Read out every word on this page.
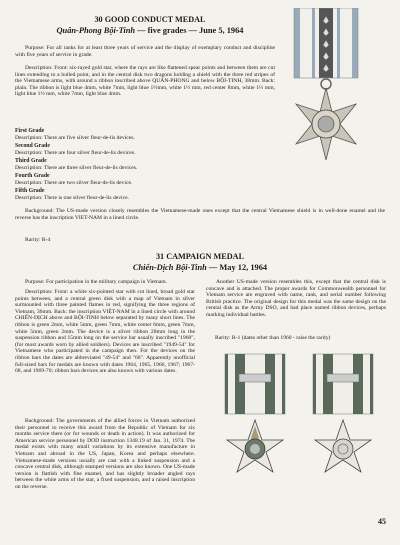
30 GOOD CONDUCT MEDAL
Quân-Phong Bội-Tinh — five grades — June 5, 1964
Purpose: For all ranks for at least three years of service and the display of exemplary conduct and discipline with five years of service in grade.
Description: Front: six-rayed gold star, where the rays are like flattened spear points and between them are cut lines extending to a bulled point, and in the central disk two dragons holding a shield with the three red stripes of the Vietnamese arms, with around a ribbon inscribed above QUÂN-PHONG and below BỘI-TINH, 38mm. Back: plain. The ribbon is light blue 4mm, white 7mm, light blue 1½mm, white 1½ mm, red center 8mm, white 1½ mm, light blue 1½ mm, white 7mm, light blue 4mm.
First Grade
Description: There are five silver fleur-de-lis devices.
Second Grade
Description: There are four silver fleur-de-lis devices.
Third Grade
Description: There are three silver fleur-de-lis devices.
Fourth Grade
Description: There are two silver fleur-de-lis device.
Fifth Grade
Description: There is one silver fleur-de-lis device.
Background: The US-made version closely resembles the Vietnamese-made ones except that the central Vietnamese shield is in well-done enamel and the reverse has the inscription VIET-NAM in a lined circle.
Rarity: R-4
31 CAMPAIGN MEDAL
Chiến-Dịch Bội-Tinh — May 12, 1964
Purpose: For participation in the military campaign in Vietnam.
Description: Front: a white six-pointed star with cut lined, broad gold star points between, and a central green disk with a map of Vietnam in silver surmounted with three painted flames in red, signifying the three regions of Vietnam, 36mm. Back: the inscription VIỆT-NAM in a lined circle with around CHIẾN-DỊCH above and BỘI-TINH below separated by many short lines. The ribbon is green 2mm, white 5mm, green 7mm, white center 6mm, green 7mm, white 5mm, green 2mm. The device is a silver ribbon 28mm long in the suspension ribbon and 15mm long on the service bar usually inscribed "1960", (for most awards worn by allied soldiers). Devices are inscribed "1949-54" for Vietnamese who participated in the campaign then. For the devices on the ribbon bars the dates are abbreviated "49-54" and "60". Apparently unofficial full-sized bars for medals are known with dates 1964, 1965, 1966, 1967; 1967-68, and 1969-70; ribbon bars devices are also known with various dates.
Background: The governments of the allied forces in Vietnam authorized their personnel to receive this award from the Republic of Vietnam for six months service there (or for wounds or death in action). It was authorized for American service personnel by DOD instruction 1348.19 of Jan. 31, 1974. The medal exists with many small variations by its extensive manufacture in Vietnam and abroad in the US, Japan, Korea and perhaps elsewhere. Vietnamese-made versions usually are cast with a linked suspension and a concave central disk, although stamped versions are also known. One US-made version is flattish with fine enamel, and has slightly broader angled rays between the white arms of the star, a fixed suspension, and a raised inscription on the reverse.
Another US-made version resembles this, except that the central disk is concave and is attached. The proper awards for Commonwealth personnel for Vietnam service are engraved with name, rank, and serial number following British practice. The original design for this medal was the same design on the central disk as the Army DSO, and had place named ribbon devices, perhaps marking individual battles.
Rarity: R-1 (dates other than 1960 - raise the rarity)
45
